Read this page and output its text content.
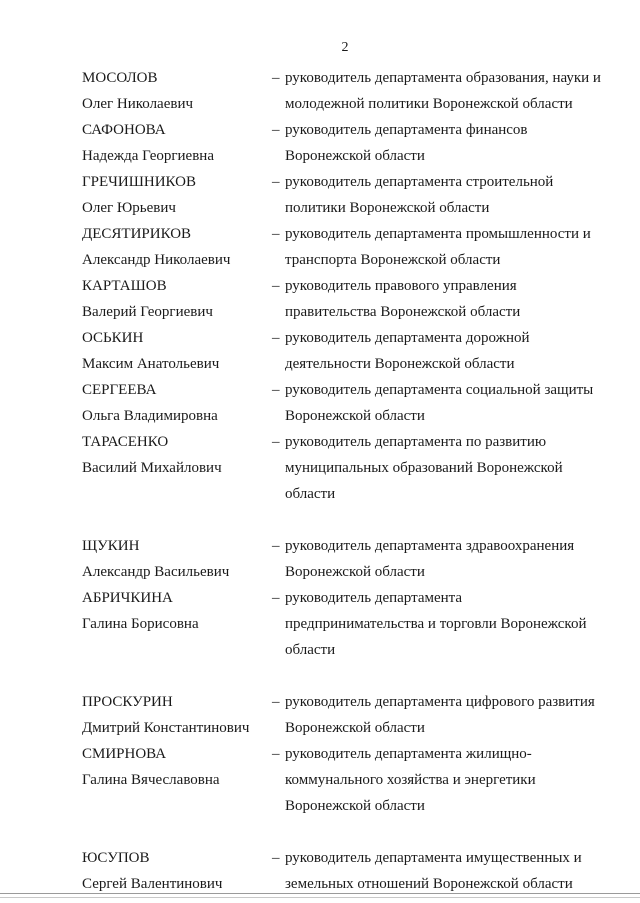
2
МОСОЛОВ
Олег Николаевич
– руководитель департамента образования, науки и
молодежной политики Воронежской области
САФОНОВА
Надежда Георгиевна
– руководитель департамента финансов
Воронежской области
ГРЕЧИШНИКОВ
Олег Юрьевич
– руководитель департамента строительной
политики Воронежской области
ДЕСЯТИРИКОВ
Александр Николаевич
– руководитель департамента промышленности и
транспорта Воронежской области
КАРТАШОВ
Валерий Георгиевич
– руководитель правового управления
правительства Воронежской области
ОСЬКИН
Максим Анатольевич
– руководитель департамента дорожной
деятельности Воронежской области
СЕРГЕЕВА
Ольга Владимировна
– руководитель департамента социальной защиты
Воронежской области
ТАРАСЕНКО
Василий Михайлович
– руководитель департамента по развитию
муниципальных образований Воронежской
области
ЩУКИН
Александр Васильевич
– руководитель департамента здравоохранения
Воронежской области
АБРИЧКИНА
Галина Борисовна
– руководитель департамента
предпринимательства и торговли Воронежской
области
ПРОСКУРИН
Дмитрий Константинович
– руководитель департамента цифрового развития
Воронежской области
СМИРНОВА
Галина Вячеславовна
– руководитель департамента жилищно-
коммунального хозяйства и энергетики
Воронежской области
ЮСУПОВ
Сергей Валентинович
– руководитель департамента имущественных и
земельных отношений Воронежской области
